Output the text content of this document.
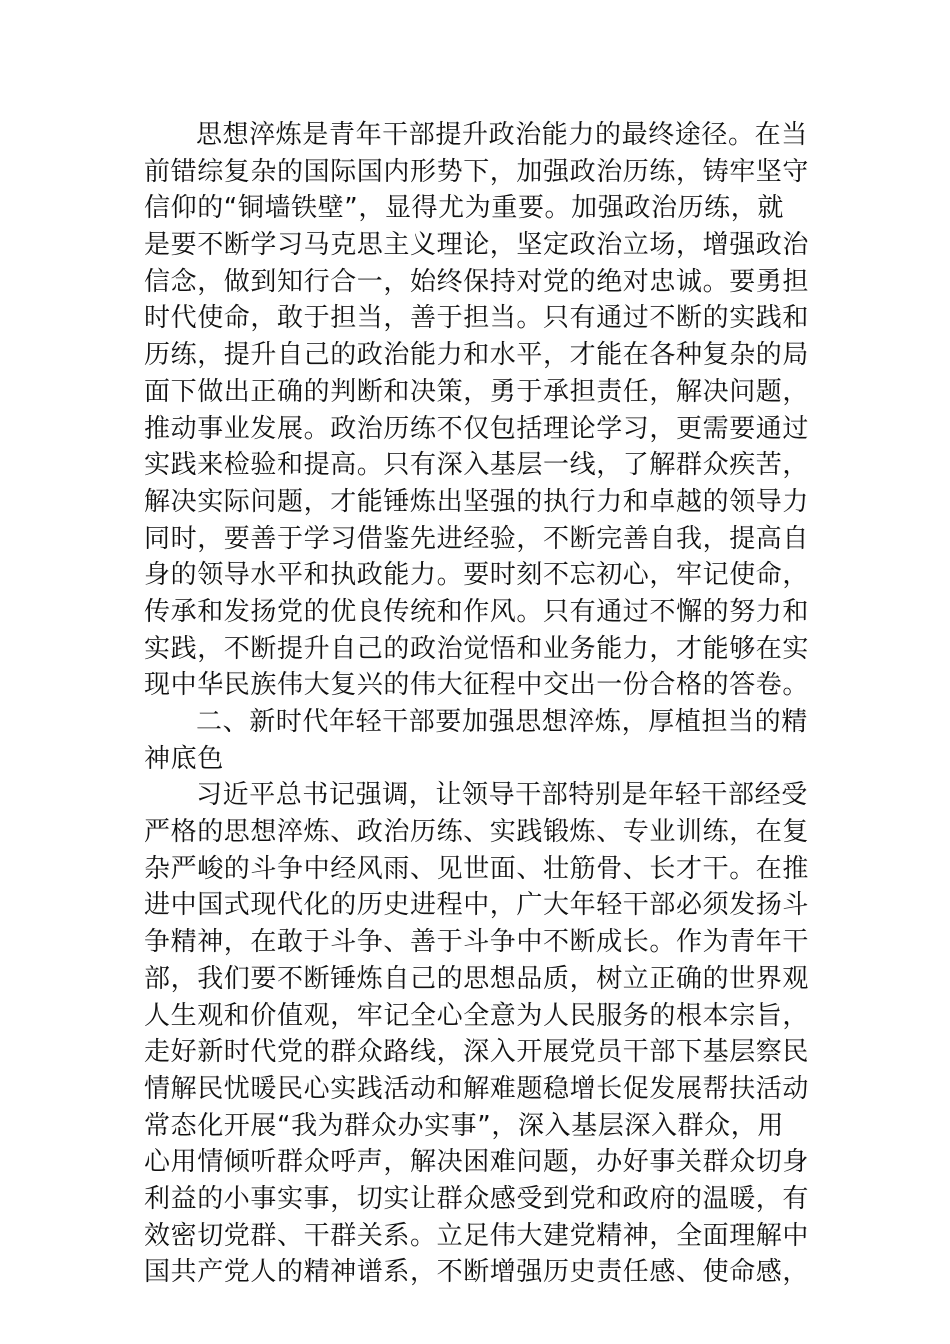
思想淬炼是青年干部提升政治能力的最终途径。在当
前错综复杂的国际国内形势下，加强政治历练，铸牢坚守
信仰的“铜墙铁壁”，显得尤为重要。加强政治历练，就
是要不断学习马克思主义理论，坚定政治立场，增强政治
信念，做到知行合一，始终保持对党的绝对忠诚。要勇担
时代使命，敢于担当，善于担当。只有通过不断的实践和
历练，提升自己的政治能力和水平，才能在各种复杂的局
面下做出正确的判断和决策，勇于承担责任，解决问题，
推动事业发展。政治历练不仅包括理论学习，更需要通过
实践来检验和提高。只有深入基层一线，了解群众疾苦，
解决实际问题，才能锤炼出坚强的执行力和卓越的领导力
同时，要善于学习借鉴先进经验，不断完善自我，提高自
身的领导水平和执政能力。要时刻不忘初心，牢记使命，
传承和发扬党的优良传统和作风。只有通过不懈的努力和
实践，不断提升自己的政治觉悟和业务能力，才能够在实
现中华民族伟大复兴的伟大征程中交出一份合格的答卷。
二、新时代年轻干部要加强思想淬炼，厚植担当的精
神底色
习近平总书记强调，让领导干部特别是年轻干部经受
严格的思想淬炼、政治历练、实践锻炼、专业训练，在复
杂严峻的斗争中经风雨、见世面、壮筋骨、长才干。在推
进中国式现代化的历史进程中，广大年轻干部必须发扬斗
争精神，在敢于斗争、善于斗争中不断成长。作为青年干
部，我们要不断锤炼自己的思想品质，树立正确的世界观
人生观和价值观，牢记全心全意为人民服务的根本宗旨，
走好新时代党的群众路线，深入开展党员干部下基层察民
情解民忧暖民心实践活动和解难题稳增长促发展帮扶活动
常态化开展“我为群众办实事”，深入基层深入群众，用
心用情倾听群众呼声，解决困难问题，办好事关群众切身
利益的小事实事，切实让群众感受到党和政府的温暖，有
效密切党群、干群关系。立足伟大建党精神，全面理解中
国共产党人的精神谱系，不断增强历史责任感、使命感，
